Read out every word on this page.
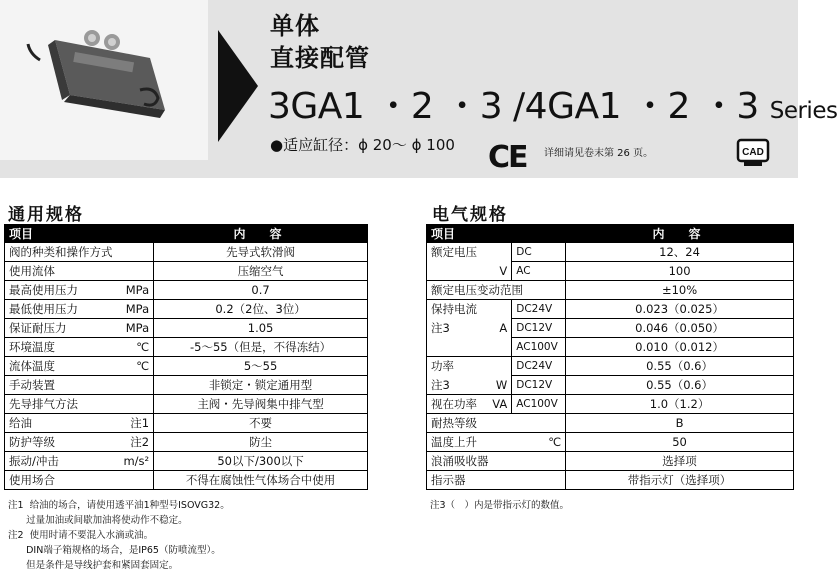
单体
直接配管
3GA1 ・2 ・3 /4GA1 ・2 ・3 Series
●适应缸径：ϕ 20～ ϕ 100 CE 详细请见卷末第 26 页。	CAD
通用规格
项目		内　容
阀的种类和操作方式		先导式软滑阀
使用流体		压缩空气
最高使用压力	MPa	0.7
最低使用压力	MPa	0.2（2位、3位）
保证耐压力	MPa	1.05
环境温度	℃	-5～55（但是，不得冻结）
流体温度	℃	5～55
手动装置		非锁定・锁定通用型
先导排气方法		主阀・先导阀集中排气型
给油	注1	不要
防护等级	注2	防尘
振动/冲击	m/s²	50以下/300以下
使用场合		不得在腐蚀性气体场合中使用
注1  给油的场合，请使用透平油1种型号ISOVG32。
过量加油或间歇加油将使动作不稳定。
注2  使用时请不要混入水滴或油。
DIN端子箱规格的场合，是IP65（防喷流型）。
但是条件是导线护套和紧固套固定。
电气规格
项目			内　容
额定电压		DC	12、24
	V	AC	100
额定电压变动范围			±10%
保持电流		DC24V	0.023（0.025）
注3	A	DC12V	0.046（0.050）
		AC100V	0.010（0.012）
功率		DC24V	0.55（0.6）
注3	W	DC12V	0.55（0.6）
视在功率	VA	AC100V	1.0（1.2）
耐热等级			B
温度上升		℃	50
浪涌吸收器			选择项
指示器			带指示灯（选择项）
注3（　）内是带指示灯的数值。
